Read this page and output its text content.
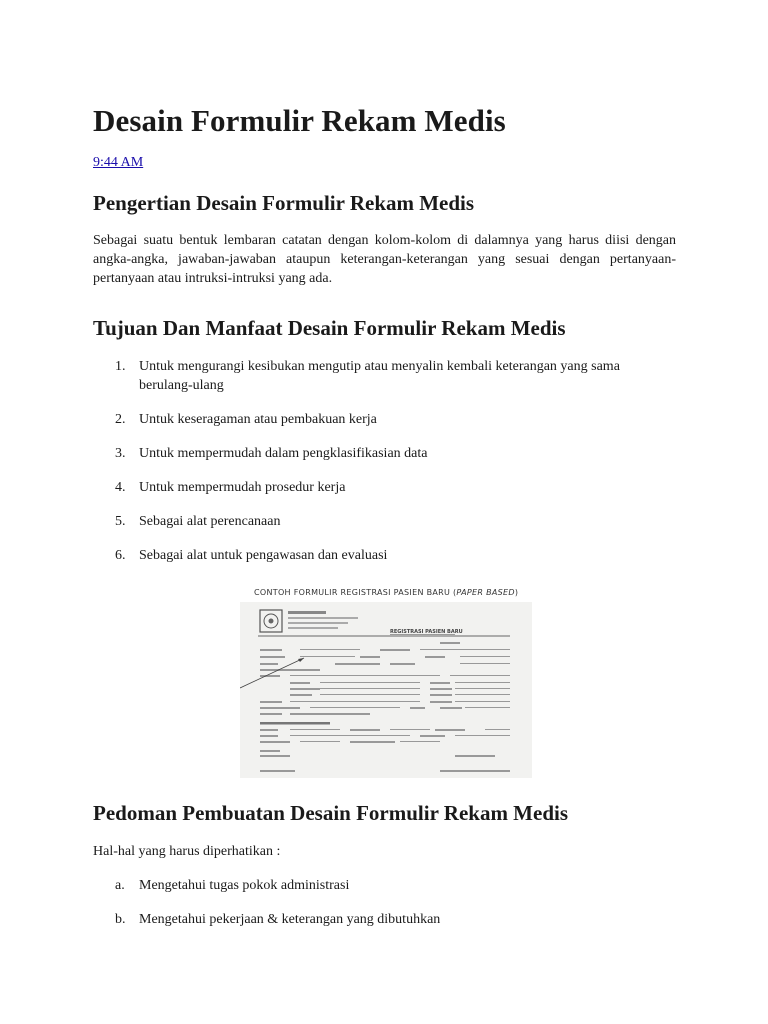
Desain Formulir Rekam Medis
9:44 AM
Pengertian Desain Formulir Rekam Medis

Sebagai suatu bentuk lembaran catatan dengan kolom-kolom di dalamnya yang harus diisi dengan angka-angka, jawaban-jawaban ataupun keterangan-keterangan yang sesuai dengan pertanyaan-pertanyaan atau intruksi-intruksi yang ada.

Tujuan Dan Manfaat Desain Formulir Rekam Medis
1. Untuk mengurangi kesibukan mengutip atau menyalin kembali keterangan yang sama berulang-ulang
2. Untuk keseragaman atau pembakuan kerja
3. Untuk mempermudah dalam pengklasifikasian data
4. Untuk mempermudah prosedur kerja
5. Sebagai alat perencanaan
6. Sebagai alat untuk pengawasan dan evaluasi
CONTOH FORMULIR REGISTRASI PASIEN BARU (PAPER BASED)
REGISTRASI PASIEN BARU
Pedoman Pembuatan Desain Formulir Rekam Medis

Hal-hal yang harus diperhatikan :

a. Mengetahui tugas pokok administrasi
b. Mengetahui pekerjaan & keterangan yang dibutuhkan
